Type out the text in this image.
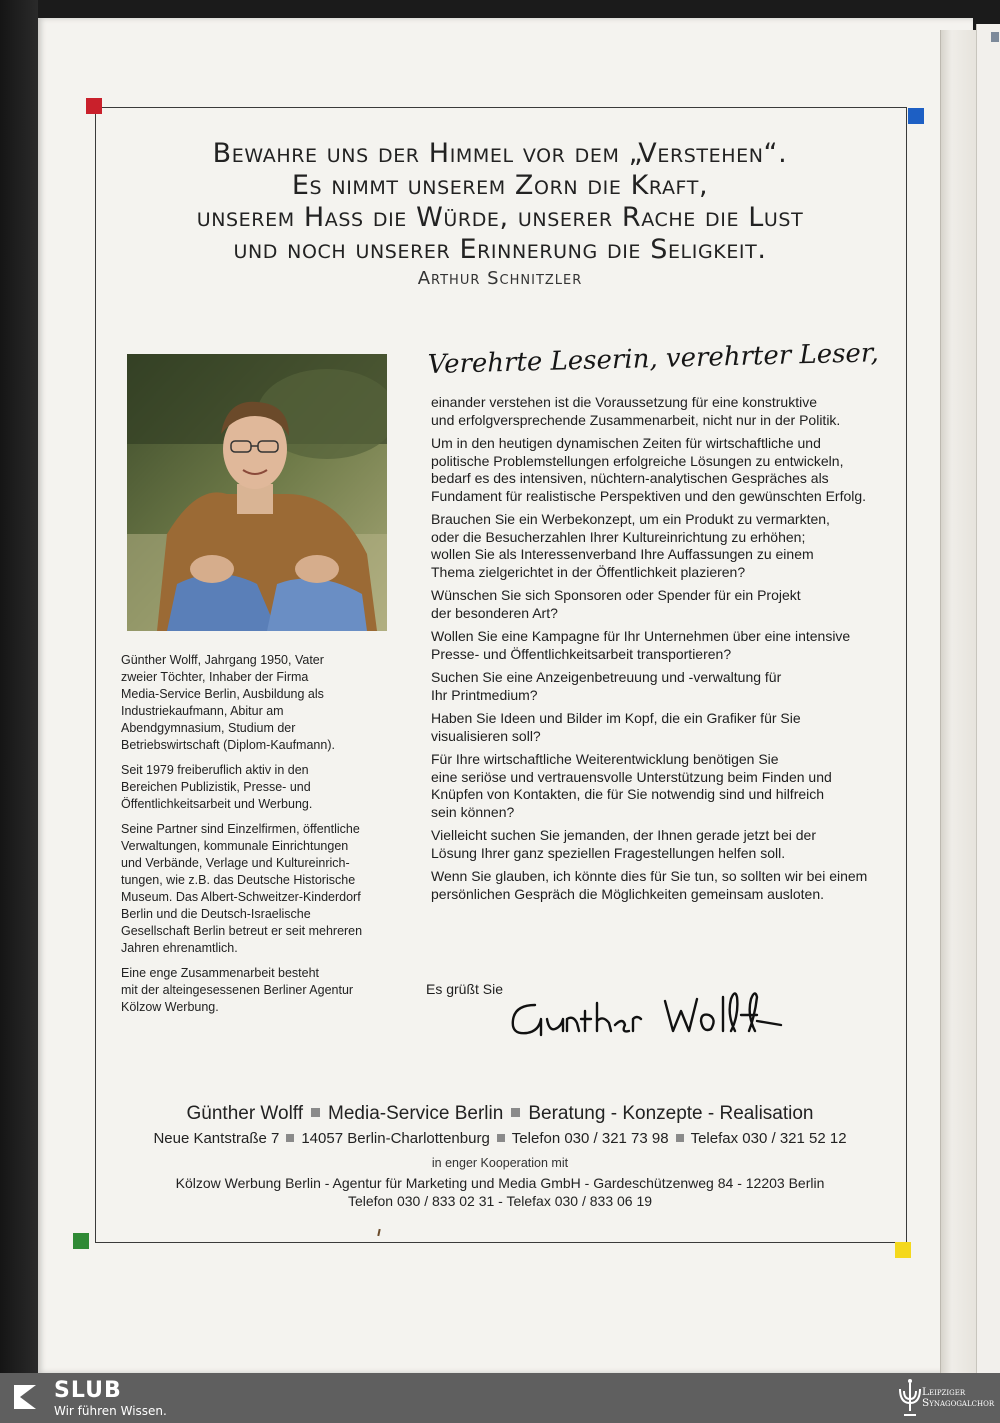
Bewahre uns der Himmel vor dem „Verstehen“.
Es nimmt unserem Zorn die Kraft,
unserem Hass die Würde, unserer Rache die Lust
und noch unserer Erinnerung die Seligkeit.
Arthur Schnitzler

Günther Wolff, Jahrgang 1950, Vater
zweier Töchter, Inhaber der Firma
Media-Service Berlin, Ausbildung als
Industriekaufmann, Abitur am
Abendgymnasium, Studium der
Betriebswirtschaft (Diplom-Kaufmann).

Seit 1979 freiberuflich aktiv in den
Bereichen Publizistik, Presse- und
Öffentlichkeitsarbeit und Werbung.

Seine Partner sind Einzelfirmen, öffentliche
Verwaltungen, kommunale Einrichtungen
und Verbände, Verlage und Kultureinrich-
tungen, wie z.B. das Deutsche Historische
Museum. Das Albert-Schweitzer-Kinderdorf
Berlin und die Deutsch-Israelische
Gesellschaft Berlin betreut er seit mehreren
Jahren ehrenamtlich.

Eine enge Zusammenarbeit besteht
mit der alteingesessenen Berliner Agentur
Kölzow Werbung.

Verehrte Leserin, verehrter Leser,

einander verstehen ist die Voraussetzung für eine konstruktive
und erfolgversprechende Zusammenarbeit, nicht nur in der Politik.

Um in den heutigen dynamischen Zeiten für wirtschaftliche und
politische Problemstellungen erfolgreiche Lösungen zu entwickeln,
bedarf es des intensiven, nüchtern-analytischen Gespräches als
Fundament für realistische Perspektiven und den gewünschten Erfolg.

Brauchen Sie ein Werbekonzept, um ein Produkt zu vermarkten,
oder die Besucherzahlen Ihrer Kultureinrichtung zu erhöhen;
wollen Sie als Interessenverband Ihre Auffassungen zu einem
Thema zielgerichtet in der Öffentlichkeit plazieren?

Wünschen Sie sich Sponsoren oder Spender für ein Projekt
der besonderen Art?

Wollen Sie eine Kampagne für Ihr Unternehmen über eine intensive
Presse- und Öffentlichkeitsarbeit transportieren?

Suchen Sie eine Anzeigenbetreuung und -verwaltung für
Ihr Printmedium?

Haben Sie Ideen und Bilder im Kopf, die ein Grafiker für Sie
visualisieren soll?

Für Ihre wirtschaftliche Weiterentwicklung benötigen Sie
eine seriöse und vertrauensvolle Unterstützung beim Finden und
Knüpfen von Kontakten, die für Sie notwendig sind und hilfreich
sein können?

Vielleicht suchen Sie jemanden, der Ihnen gerade jetzt bei der
Lösung Ihrer ganz speziellen Fragestellungen helfen soll.

Wenn Sie glauben, ich könnte dies für Sie tun, so sollten wir bei einem
persönlichen Gespräch die Möglichkeiten gemeinsam ausloten.

Es grüßt Sie
Günther Wolff Media-Service Berlin Beratung - Konzepte - Realisation
Neue Kantstraße 7 14057 Berlin-Charlottenburg Telefon 030 / 321 73 98 Telefax 030 / 321 52 12
in enger Kooperation mit
Kölzow Werbung Berlin - Agentur für Marketing und Media GmbH - Gardeschützenweg 84 - 12203 Berlin
Telefon 030 / 833 02 31 - Telefax 030 / 833 06 19
SLUB
Wir führen Wissen.
Leipziger
Synagogalchor
